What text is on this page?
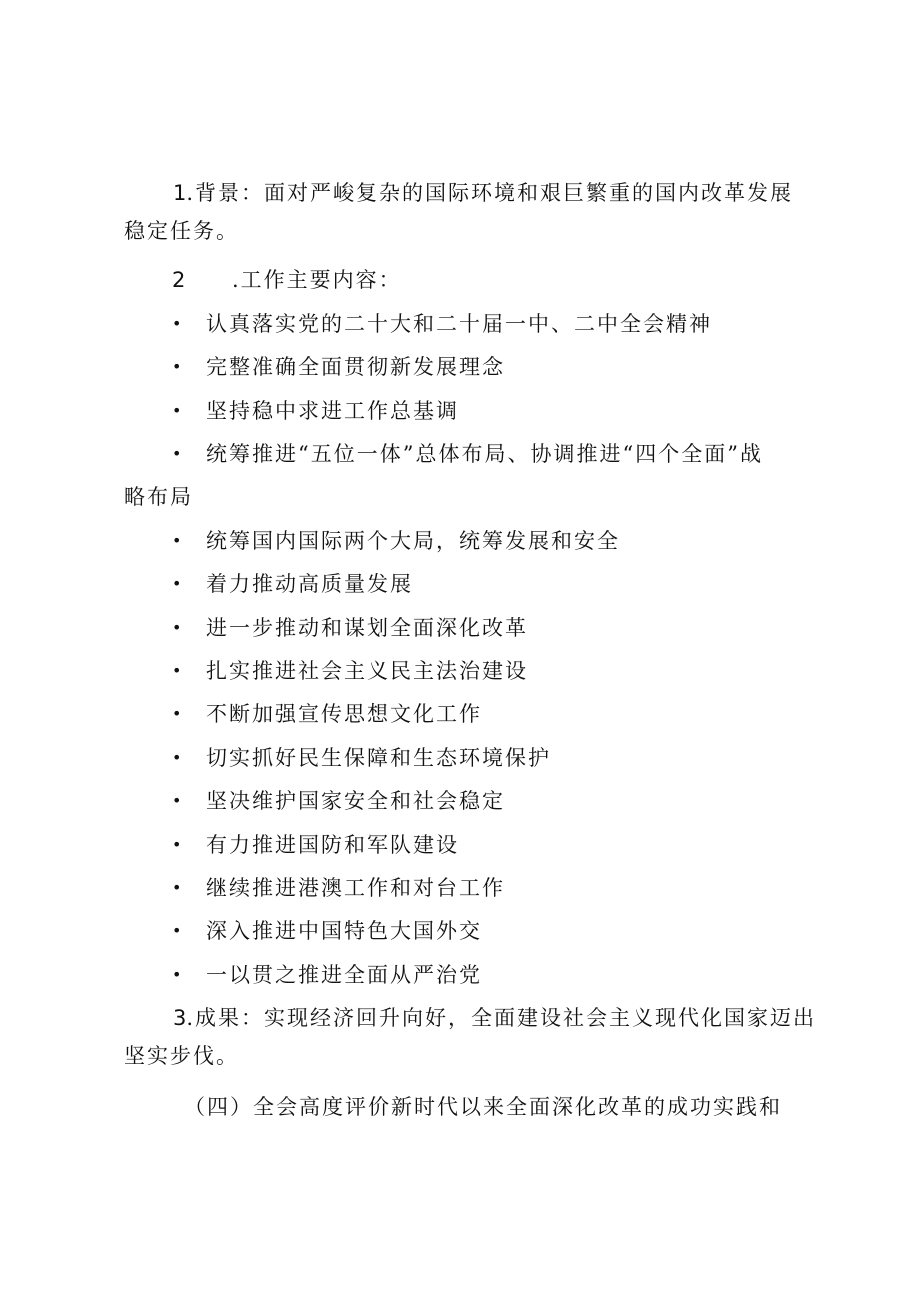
1.背景：面对严峻复杂的国际环境和艰巨繁重的国内改革发展
稳定任务。
2 .工作主要内容：
• 认真落实党的二十大和二十届一中、二中全会精神
• 完整准确全面贯彻新发展理念
• 坚持稳中求进工作总基调
• 统筹推进“五位一体”总体布局、协调推进“四个全面”战
略布局
• 统筹国内国际两个大局，统筹发展和安全
• 着力推动高质量发展
• 进一步推动和谋划全面深化改革
• 扎实推进社会主义民主法治建设
• 不断加强宣传思想文化工作
• 切实抓好民生保障和生态环境保护
• 坚决维护国家安全和社会稳定
• 有力推进国防和军队建设
• 继续推进港澳工作和对台工作
• 深入推进中国特色大国外交
• 一以贯之推进全面从严治党
3.成果：实现经济回升向好，全面建设社会主义现代化国家迈出
坚实步伐。
（四）全会高度评价新时代以来全面深化改革的成功实践和
